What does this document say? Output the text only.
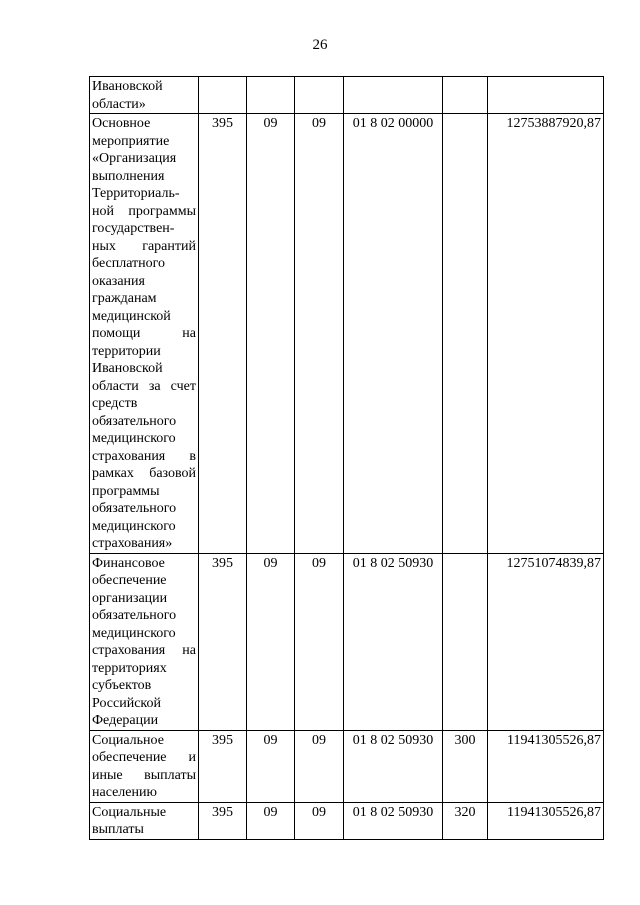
26
Ивановской области»						
Основное мероприятие «Организация выполнения Территориаль-ной программы государствен-ных гарантий бесплатного оказания гражданам медицинской помощи на территории Ивановской области за счет средств обязательного медицинского страхования в рамках базовой программы обязательного медицинского страхования»	395	09	09	01 8 02 00000		12753887920,87
Финансовое обеспечение организации обязательного медицинского страхования на территориях субъектов Российской Федерации	395	09	09	01 8 02 50930		12751074839,87
Социальное обеспечение и иные выплаты населению	395	09	09	01 8 02 50930	300	11941305526,87
Социальные выплаты	395	09	09	01 8 02 50930	320	11941305526,87
